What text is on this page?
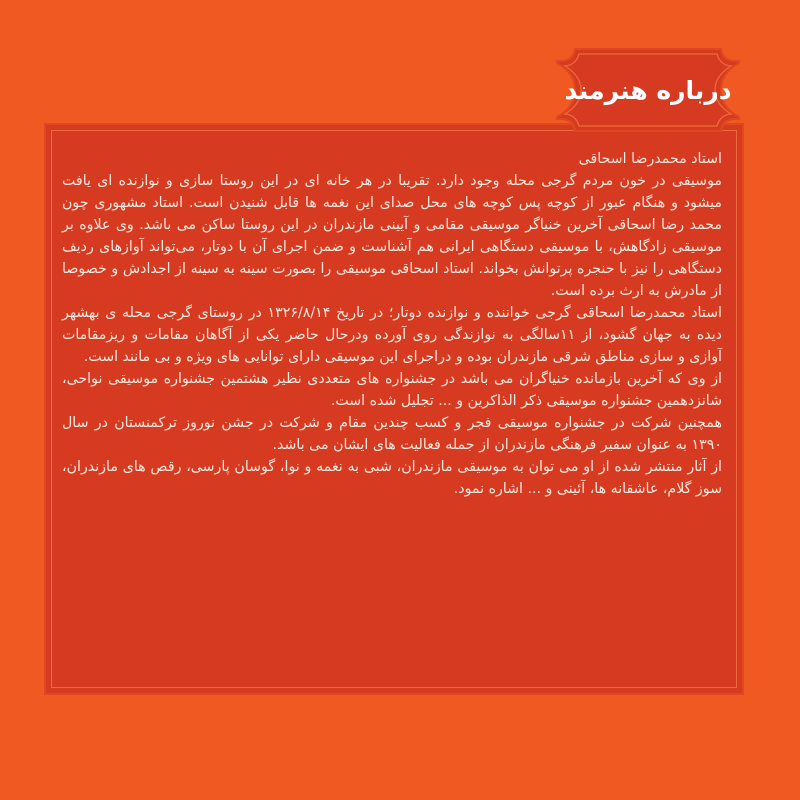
درباره هنرمند

استاد محمدرضا اسحاقی

موسیقی در خون مردم گرجی محله وجود دارد. تقریبا در هر خانه ای در این روستا سازی و نوازنده ای یافت میشود و هنگام عبور از کوچه پس کوچه های محل صدای این نغمه ها قابل شنیدن است. استاد مشهوری چون محمد رضا اسحاقی آخرین خنیاگر موسیقی مقامی و آیینی مازندران در این روستا ساکن می باشد. وی علاوه بر موسیقی زادگاهش، با موسیقی دستگاهی ایرانی هم آشناست و ضمن اجرای آن با دوتار، می‌تواند آوازهای ردیف دستگاهی را نیز با حنجره پرتوانش بخواند. استاد اسحاقی موسیقی را بصورت سینه به سینه از اجدادش و خصوصا از مادرش به ارث برده است.

استاد محمدرضا اسحاقی گرجی خواننده و نوازنده دوتار؛ در تاریخ ۱۳۲۶/۸/۱۴ در روستای گرجی محله ی بهشهر دیده به جهان گشود، از ۱۱سالگی به نوازندگی روی آورده ودرحال حاضر یکی از آگاهان مقامات و ریزمقامات آوازی و سازی مناطق شرقی مازندران بوده و دراجرای این موسیقی دارای توانایی های ویژه و بی مانند است.

از وی که آخرین بازمانده خنیاگران می باشد در جشنواره های متعددی نظیر هشتمین جشنواره موسیقی نواحی، شانزدهمین جشنواره موسیقی ذکر الذاکرین و ... تجلیل شده است.

همچنین شرکت در جشنواره موسیقی فجر و کسب چندین مقام و شرکت در جشن نوروز ترکمنستان در سال ۱۳۹۰ به عنوان سفیر فرهنگی مازندران از جمله فعالیت های ایشان می باشد.

از آثار منتشر شده از او می توان به موسیقی مازندران، شبی به نغمه و نوا، گوسان پارسی، رقص های مازندران، سوز گلام، عاشقانه ها، آئینی و ... اشاره نمود.
